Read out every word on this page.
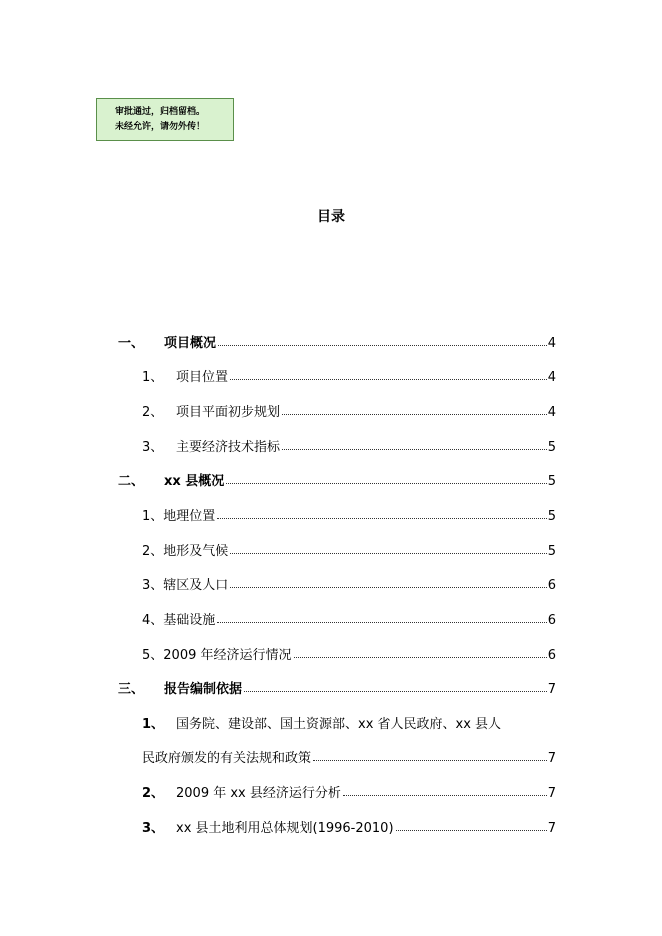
审批通过，归档留档。
未经允许，请勿外传！
目录
一、	项目概况	4
1、 项目位置	4
2、 项目平面初步规划	4
3、 主要经济技术指标	5
二、	xx 县概况	5
1、 地理位置	5
2、 地形及气候	5
3、 辖区及人口	6
4、 基础设施	6
5、 2009 年经济运行情况	6
三、	报告编制依据	7
1、 国务院、建设部、国土资源部、xx 省人民政府、xx 县人
民政府颁发的有关法规和政策	7
2、 2009 年 xx 县经济运行分析	7
3、 xx 县土地利用总体规划(1996-2010)	7
